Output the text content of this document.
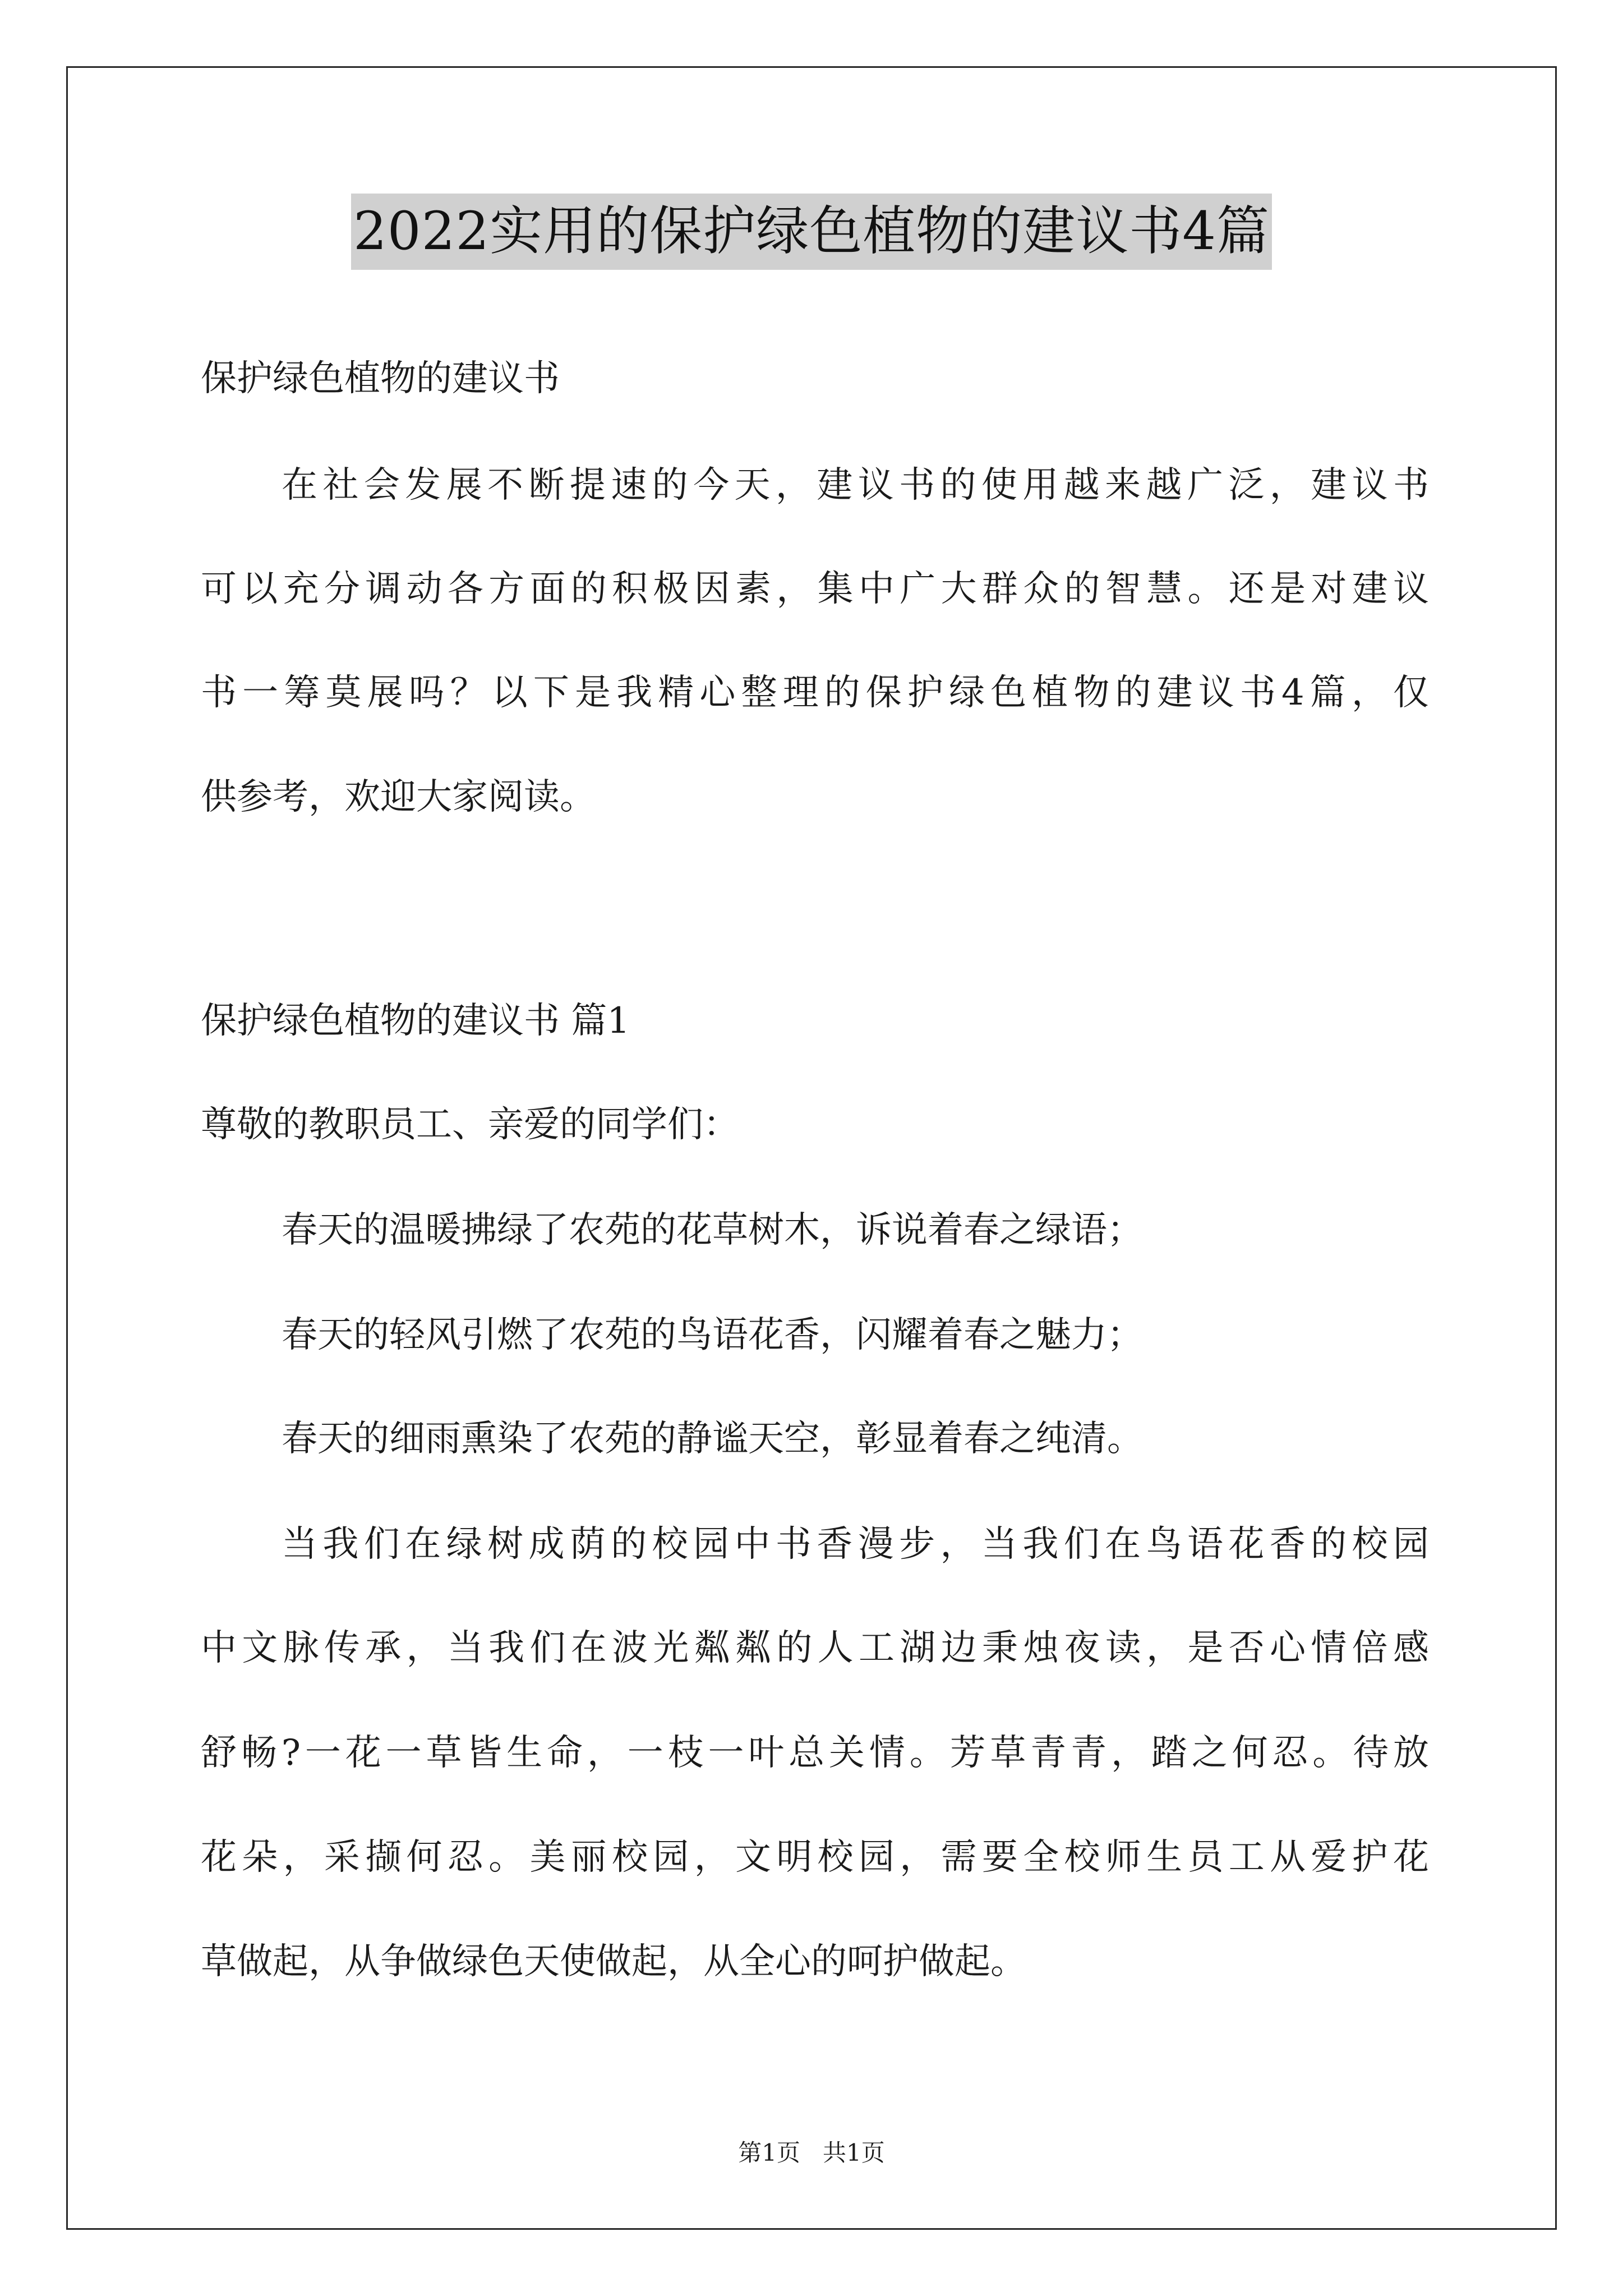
2022实用的保护绿色植物的建议书4篇
保护绿色植物的建议书
在社会发展不断提速的今天，建议书的使用越来越广泛，建议书
可以充分调动各方面的积极因素，集中广大群众的智慧。还是对建议
书一筹莫展吗？以下是我精心整理的保护绿色植物的建议书4篇，仅
供参考，欢迎大家阅读。
保护绿色植物的建议书 篇1
尊敬的教职员工、亲爱的同学们：
春天的温暖拂绿了农苑的花草树木，诉说着春之绿语；
春天的轻风引燃了农苑的鸟语花香，闪耀着春之魅力；
春天的细雨熏染了农苑的静谧天空，彰显着春之纯清。
当我们在绿树成荫的校园中书香漫步，当我们在鸟语花香的校园
中文脉传承，当我们在波光粼粼的人工湖边秉烛夜读，是否心情倍感
舒畅?一花一草皆生命，一枝一叶总关情。芳草青青，踏之何忍。待放
花朵，采撷何忍。美丽校园，文明校园，需要全校师生员工从爱护花
草做起，从争做绿色天使做起，从全心的呵护做起。
第1页 共1页
